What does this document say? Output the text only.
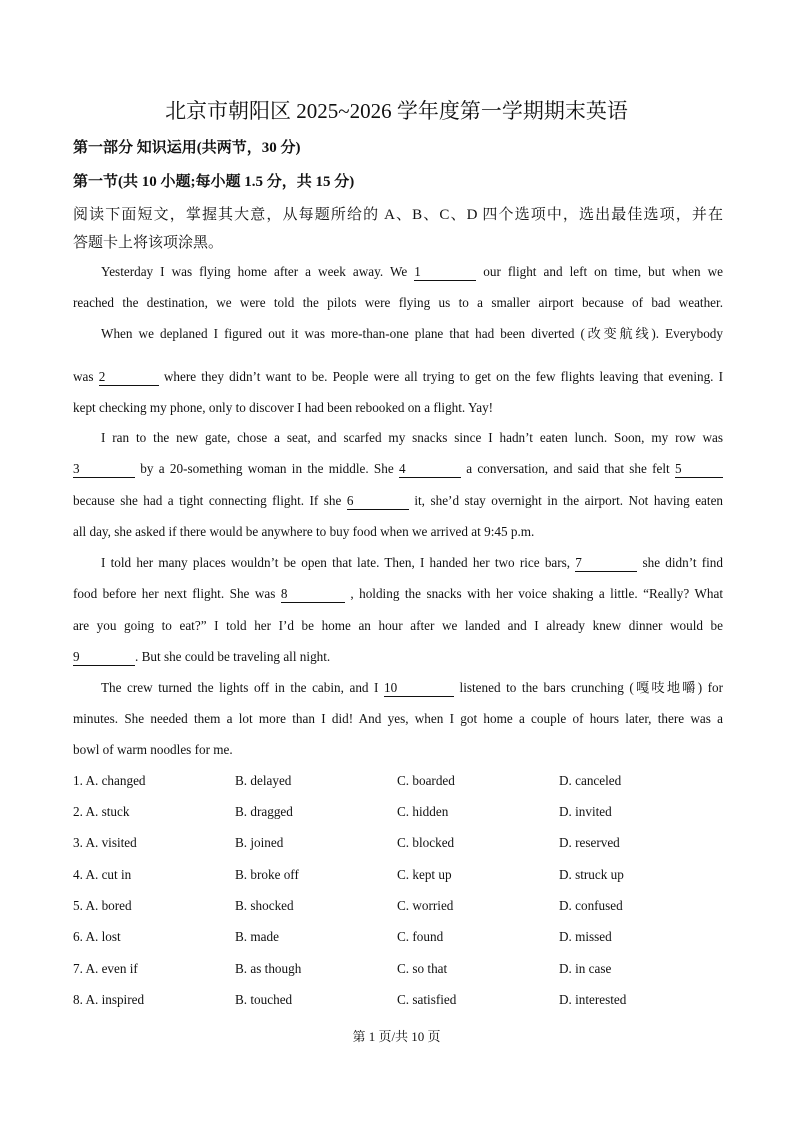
北京市朝阳区 2025~2026 学年度第一学期期末英语
第一部分 知识运用(共两节，30 分)
第一节(共 10 小题;每小题 1.5 分，共 15 分)
阅读下面短文，掌握其大意，从每题所给的 A、B、C、D 四个选项中，选出最佳选项，并在
答题卡上将该项涂黑。
Yesterday I was flying home after a week away. We 1	our flight and left on time, but when we
reached the destination, we were told the pilots were flying us to a smaller airport because of bad weather.
When we deplaned I figured out it was more-than-one plane that had been diverted (改变航线). Everybody
was 2	where they didn’t want to be. People were all trying to get on the few flights leaving that evening. I
kept checking my phone, only to discover I had been rebooked on a flight. Yay!
I ran to the new gate, chose a seat, and scarfed my snacks since I hadn’t eaten lunch. Soon, my row was
3	by a 20-something woman in the middle. She 4	a conversation, and said that she felt 5
because she had a tight connecting flight. If she 6	it, she’d stay overnight in the airport. Not having eaten
all day, she asked if there would be anywhere to buy food when we arrived at 9:45 p.m.
I told her many places wouldn’t be open that late. Then, I handed her two rice bars, 7	she didn’t find
food before her next flight. She was 8	, holding the snacks with her voice shaking a little. “Really? What
are you going to eat?” I told her I’d be home an hour after we landed and I already knew dinner would be
9	. But she could be traveling all night.
The crew turned the lights off in the cabin, and I 10	listened to the bars crunching (嘎吱地嚼) for
minutes. She needed them a lot more than I did! And yes, when I got home a couple of hours later, there was a
bowl of warm noodles for me.
1. A. changed	B. delayed	C. boarded	D. canceled
2. A. stuck	B. dragged	C. hidden	D. invited
3. A. visited	B. joined	C. blocked	D. reserved
4. A. cut in	B. broke off	C. kept up	D. struck up
5. A. bored	B. shocked	C. worried	D. confused
6. A. lost	B. made	C. found	D. missed
7. A. even if	B. as though	C. so that	D. in case
8. A. inspired	B. touched	C. satisfied	D. interested
第 1 页/共 10 页
